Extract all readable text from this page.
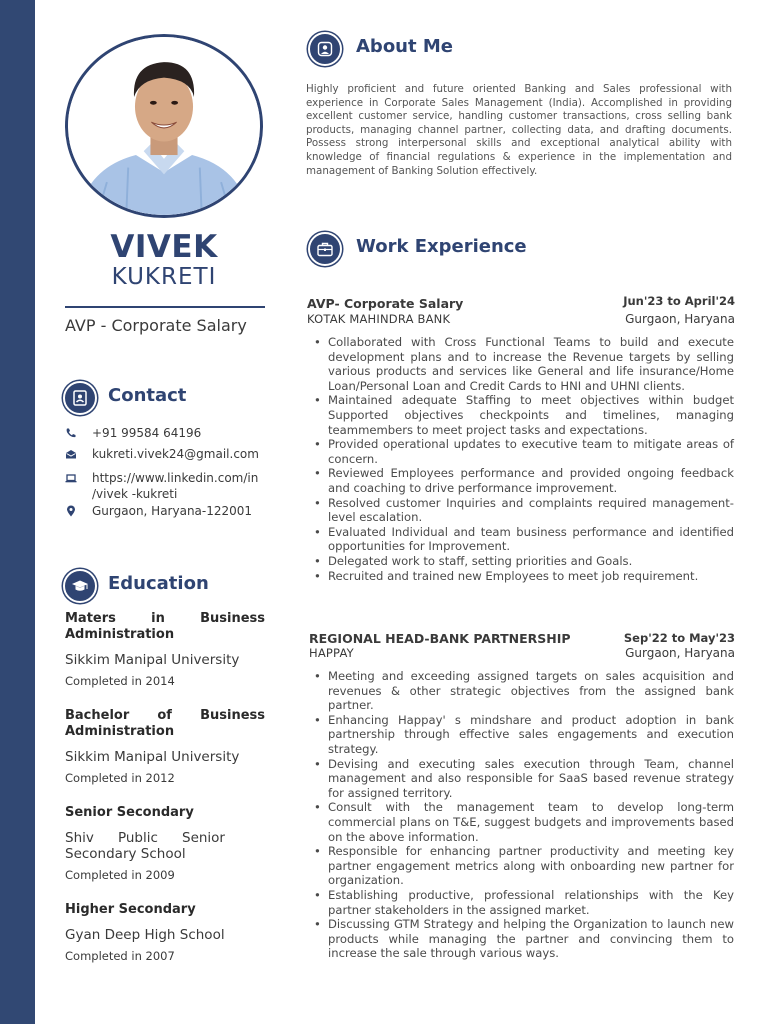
VIVEK
KUKRETI
AVP - Corporate Salary
Contact
+91 99584 64196
kukreti.vivek24@gmail.com
https://www.linkedin.com/in
/vivek -kukreti
Gurgaon, Haryana-122001
Education
Maters in Business Administration
Sikkim Manipal University
Completed in 2014
Bachelor of Business Administration
Sikkim Manipal University
Completed in 2012
Senior Secondary
Shiv Public Senior Secondary School
Completed in 2009
Higher Secondary
Gyan Deep High School
Completed in 2007
About Me
Highly proficient and future oriented Banking and Sales professional with experience in Corporate Sales Management (India). Accomplished in providing excellent customer service, handling customer transactions, cross selling bank products, managing channel partner, collecting data, and drafting documents. Possess strong interpersonal skills and exceptional analytical ability with knowledge of financial regulations & experience in the implementation and management of Banking Solution effectively.
Work Experience
AVP- Corporate Salary
KOTAK MAHINDRA BANK
Jun'23 to April'24
Gurgaon, Haryana
• Collaborated with Cross Functional Teams to build and execute development plans and to increase the Revenue targets by selling various products and services like General and life insurance/Home Loan/Personal Loan and Credit Cards to HNI and UHNI clients.
• Maintained adequate Staffing to meet objectives within budget Supported objectives checkpoints and timelines, managing teammembers to meet project tasks and expectations.
• Provided operational updates to executive team to mitigate areas of concern.
• Reviewed Employees performance and provided ongoing feedback and coaching to drive performance improvement.
• Resolved customer Inquiries and complaints required management-level escalation.
• Evaluated Individual and team business performance and identified opportunities for Improvement.
• Delegated work to staff, setting priorities and Goals.
• Recruited and trained new Employees to meet job requirement.
REGIONAL HEAD-BANK PARTNERSHIP
HAPPAY
Sep'22 to May'23
Gurgaon, Haryana
• Meeting and exceeding assigned targets on sales acquisition and revenues & other strategic objectives from the assigned bank partner.
• Enhancing Happay' s mindshare and product adoption in bank partnership through effective sales engagements and execution strategy.
• Devising and executing sales execution through Team, channel management and also responsible for SaaS based revenue strategy for assigned territory.
• Consult with the management team to develop long-term commercial plans on T&E, suggest budgets and improvements based on the above information.
• Responsible for enhancing partner productivity and meeting key partner engagement metrics along with onboarding new partner for organization.
• Establishing productive, professional relationships with the Key partner stakeholders in the assigned market.
• Discussing GTM Strategy and helping the Organization to launch new products while managing the partner and convincing them to increase the sale through various ways.
